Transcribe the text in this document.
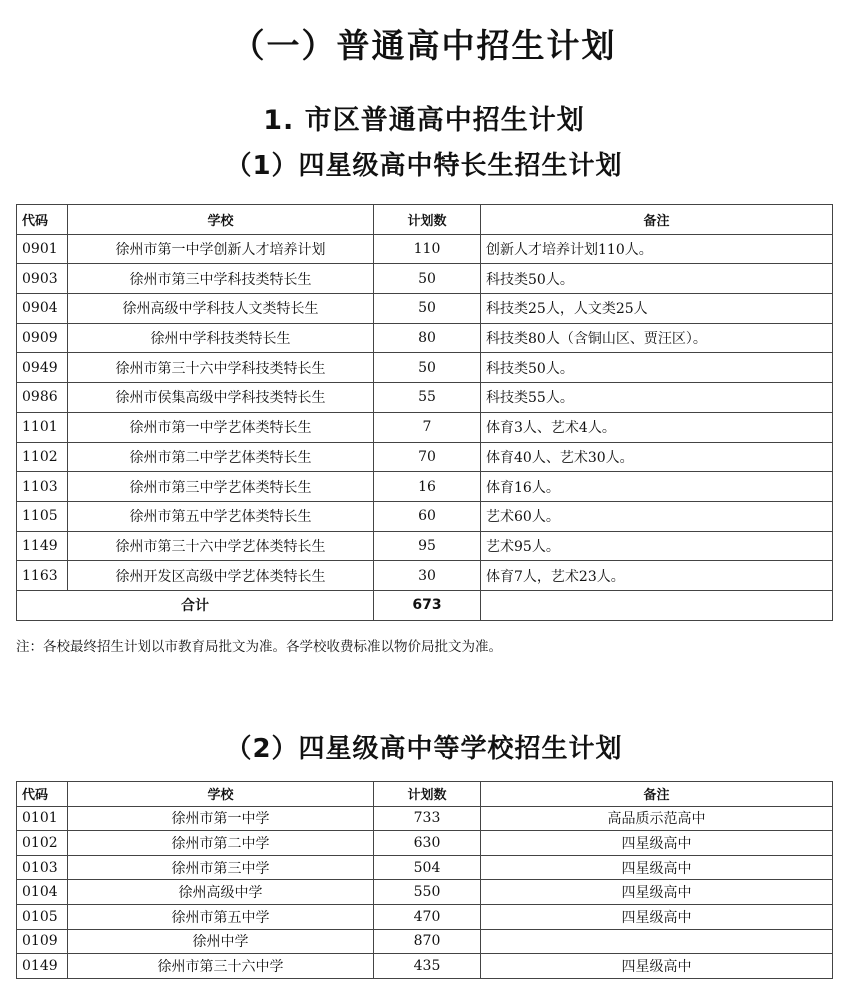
（一）普通高中招生计划
1. 市区普通高中招生计划
（1）四星级高中特长生招生计划
代码	学校	计划数	备注
0901	徐州市第一中学创新人才培养计划	110	创新人才培养计划110人。
0903	徐州市第三中学科技类特长生	50	科技类50人。
0904	徐州高级中学科技人文类特长生	50	科技类25人，人文类25人
0909	徐州中学科技类特长生	80	科技类80人（含铜山区、贾汪区）。
0949	徐州市第三十六中学科技类特长生	50	科技类50人。
0986	徐州市侯集高级中学科技类特长生	55	科技类55人。
1101	徐州市第一中学艺体类特长生	7	体育3人、艺术4人。
1102	徐州市第二中学艺体类特长生	70	体育40人、艺术30人。
1103	徐州市第三中学艺体类特长生	16	体育16人。
1105	徐州市第五中学艺体类特长生	60	艺术60人。
1149	徐州市第三十六中学艺体类特长生	95	艺术95人。
1163	徐州开发区高级中学艺体类特长生	30	体育7人，艺术23人。
合计		673	
注：各校最终招生计划以市教育局批文为准。各学校收费标准以物价局批文为准。
（2）四星级高中等学校招生计划
代码	学校	计划数	备注
0101	徐州市第一中学	733	高品质示范高中
0102	徐州市第二中学	630	四星级高中
0103	徐州市第三中学	504	四星级高中
0104	徐州高级中学	550	四星级高中
0105	徐州市第五中学	470	四星级高中
0109	徐州中学	870	
0149	徐州市第三十六中学	435	四星级高中
